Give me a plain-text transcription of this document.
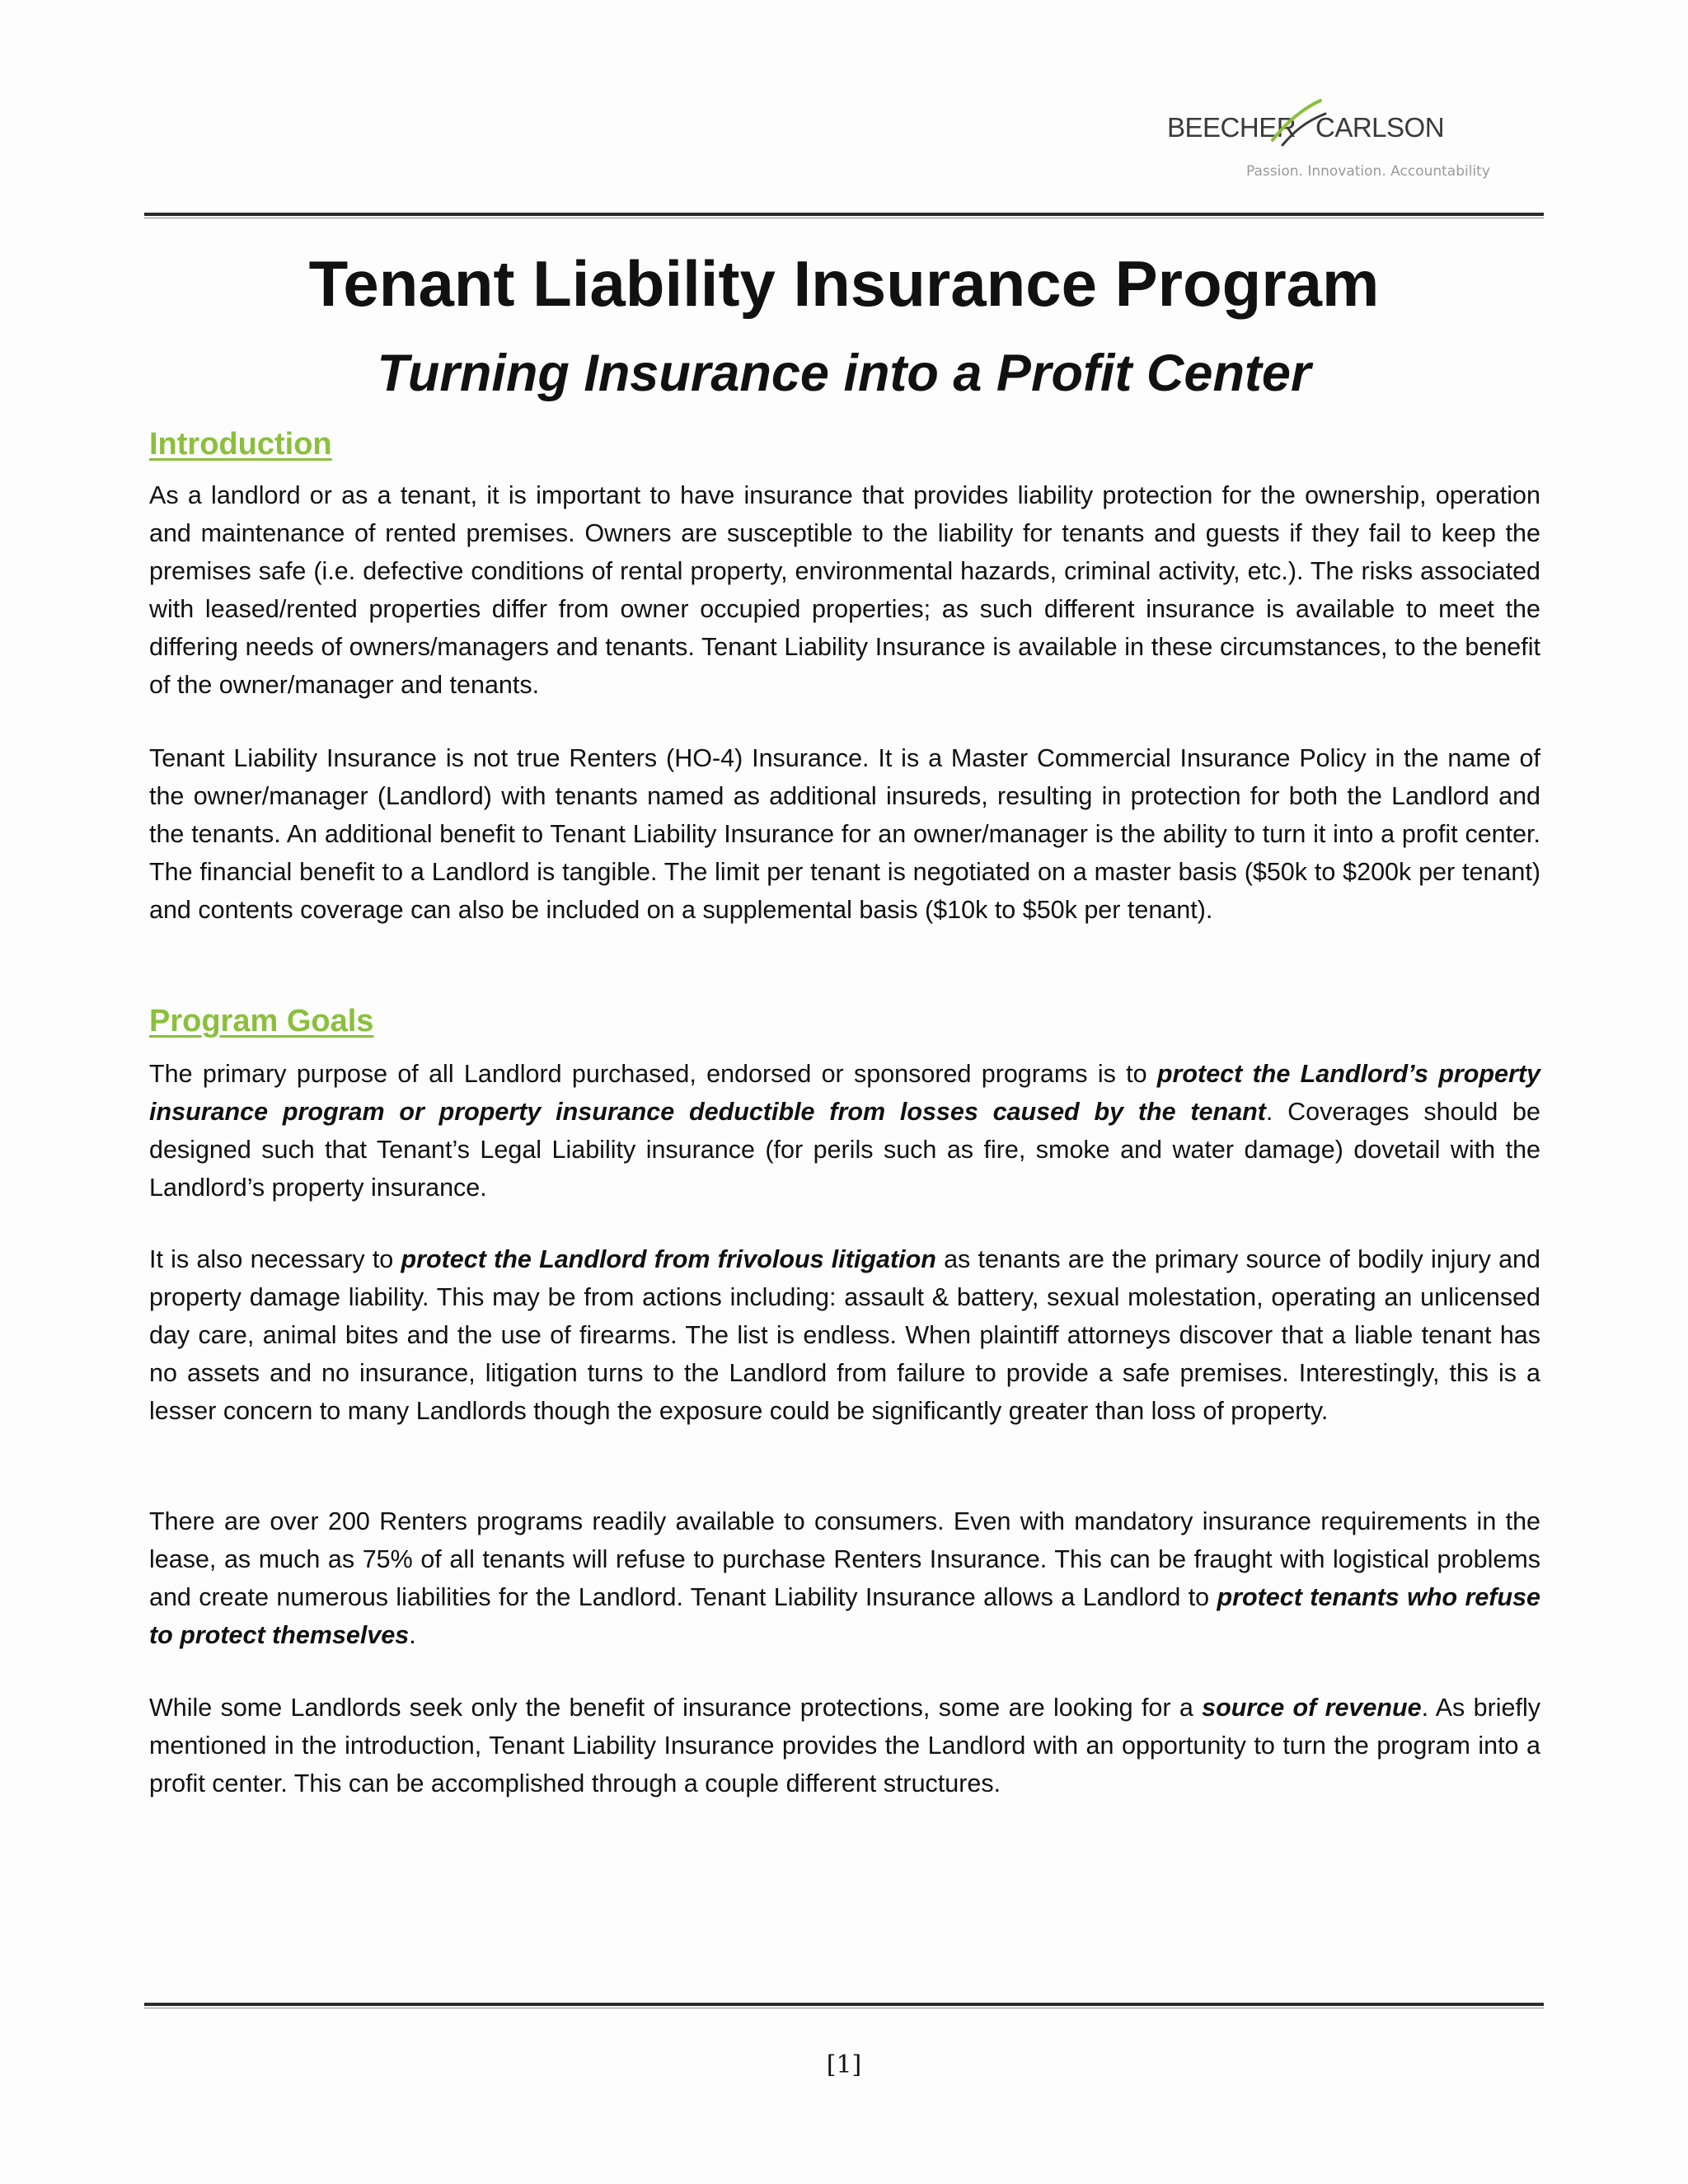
BEECHER CARLSON
Passion. Innovation. Accountability
Tenant Liability Insurance Program
Turning Insurance into a Profit Center
Introduction

As a landlord or as a tenant, it is important to have insurance that provides liability protection for the ownership, operation and maintenance of rented premises. Owners are susceptible to the liability for tenants and guests if they fail to keep the premises safe (i.e. defective conditions of rental property, environmental hazards, criminal activity, etc.). The risks associated with leased/rented properties differ from owner occupied properties; as such different insurance is available to meet the differing needs of owners/managers and tenants. Tenant Liability Insurance is available in these circumstances, to the benefit of the owner/manager and tenants.

Tenant Liability Insurance is not true Renters (HO-4) Insurance. It is a Master Commercial Insurance Policy in the name of the owner/manager (Landlord) with tenants named as additional insureds, resulting in protection for both the Landlord and the tenants. An additional benefit to Tenant Liability Insurance for an owner/manager is the ability to turn it into a profit center. The financial benefit to a Landlord is tangible. The limit per tenant is negotiated on a master basis ($50k to $200k per tenant) and contents coverage can also be included on a supplemental basis ($10k to $50k per tenant).

Program Goals

The primary purpose of all Landlord purchased, endorsed or sponsored programs is to protect the Landlord’s property insurance program or property insurance deductible from losses caused by the tenant. Coverages should be designed such that Tenant’s Legal Liability insurance (for perils such as fire, smoke and water damage) dovetail with the Landlord’s property insurance.

It is also necessary to protect the Landlord from frivolous litigation as tenants are the primary source of bodily injury and property damage liability. This may be from actions including: assault & battery, sexual molestation, operating an unlicensed day care, animal bites and the use of firearms. The list is endless. When plaintiff attorneys discover that a liable tenant has no assets and no insurance, litigation turns to the Landlord from failure to provide a safe premises. Interestingly, this is a lesser concern to many Landlords though the exposure could be significantly greater than loss of property.

There are over 200 Renters programs readily available to consumers. Even with mandatory insurance requirements in the lease, as much as 75% of all tenants will refuse to purchase Renters Insurance. This can be fraught with logistical problems and create numerous liabilities for the Landlord. Tenant Liability Insurance allows a Landlord to protect tenants who refuse to protect themselves.

While some Landlords seek only the benefit of insurance protections, some are looking for a source of revenue. As briefly mentioned in the introduction, Tenant Liability Insurance provides the Landlord with an opportunity to turn the program into a profit center. This can be accomplished through a couple different structures.

[1]
